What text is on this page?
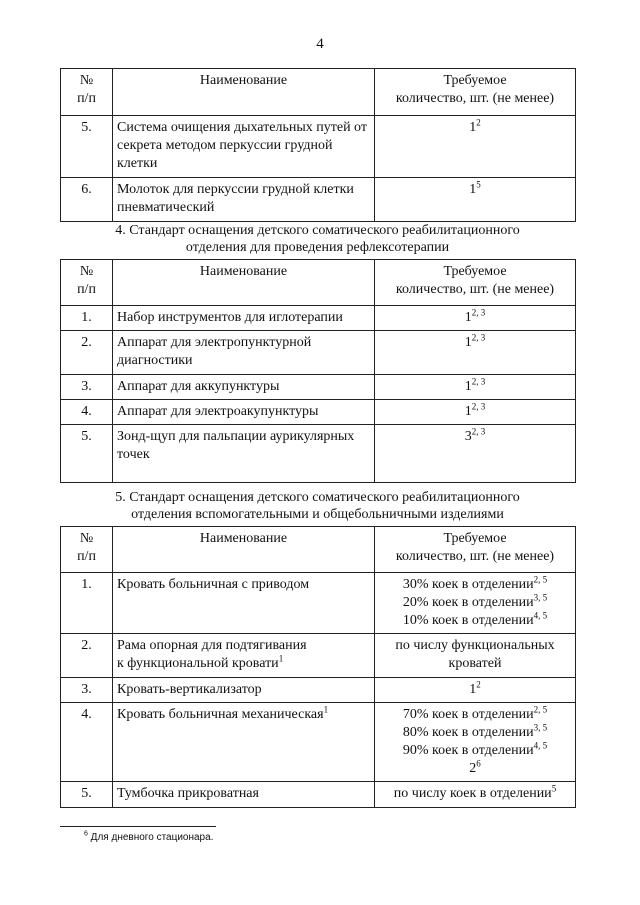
4
№
п/п	Наименование	Требуемое
количество, шт. (не менее)
5.	Система очищения дыхательных путей от секрета методом перкуссии грудной клетки	$1^2$
6.	Молоток для перкуссии грудной клетки пневматический	$1^5$
4. Стандарт оснащения детского соматического реабилитационного
отделения для проведения рефлексотерапии
№
п/п	Наименование	Требуемое
количество, шт. (не менее)
1.	Набор инструментов для иглотерапии	1$^{2, 3}$
2.	Аппарат для электропунктурной диагностики	1$^{2, 3}$
3.	Аппарат для аккупунктуры	1$^{2, 3}$
4.	Аппарат для электроакупунктуры	1$^{2, 3}$
5.	Зонд-щуп для пальпации аурикулярных точек	3$^{2, 3}$
5. Стандарт оснащения детского соматического реабилитационного
отделения вспомогательными и общебольничными изделиями
№
п/п	Наименование	Требуемое
количество, шт. (не менее)
1.	Кровать больничная с приводом	30% коек в отделении$^{2, 5}$
20% коек в отделении$^{3, 5}$
10% коек в отделении$^{4, 5}$
2.	Рама опорная для подтягивания
к функциональной кровати$^1$	по числу функциональных
кроватей
3.	Кровать-вертикализатор	$1^2$
4.	Кровать больничная механическая$^1$	70% коек в отделении$^{2, 5}$
80% коек в отделении$^{3, 5}$
90% коек в отделении$^{4, 5}$
$2^6$
5.	Тумбочка прикроватная	по числу коек в отделении$^5$
$^6$ Для дневного стационара.
